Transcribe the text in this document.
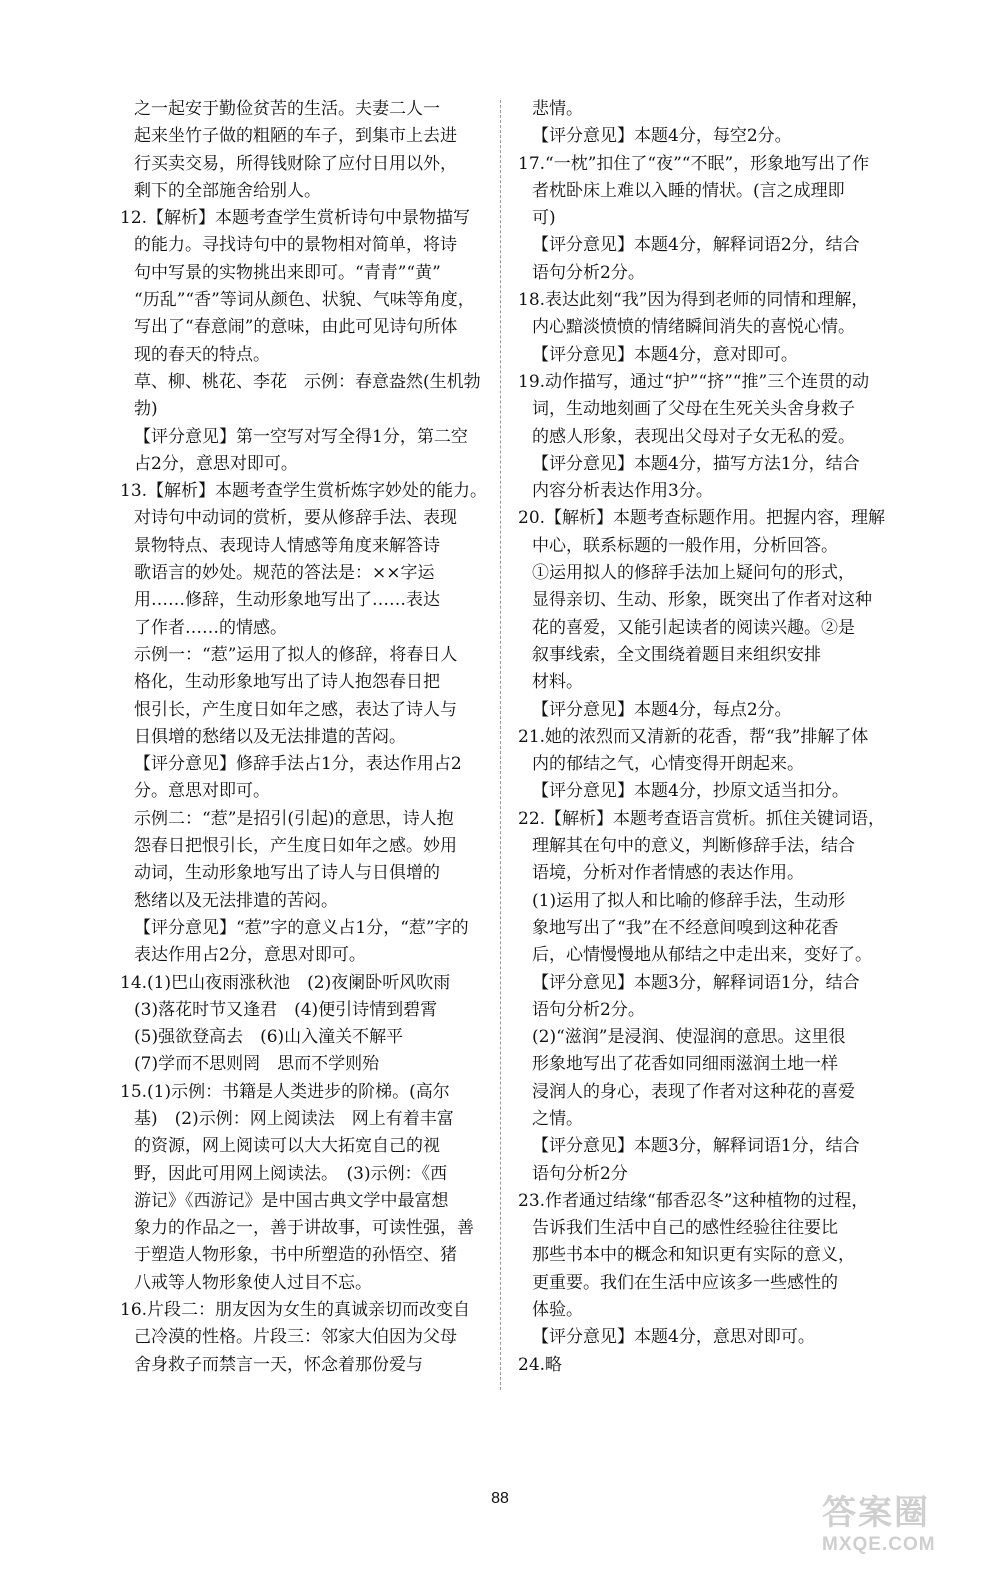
之一起安于勤俭贫苦的生活。夫妻二人一
起来坐竹子做的粗陋的车子，到集市上去进
行买卖交易，所得钱财除了应付日用以外，
剩下的全部施舍给别人。
12.【解析】本题考查学生赏析诗句中景物描写
的能力。寻找诗句中的景物相对简单，将诗
句中写景的实物挑出来即可。“青青”“黄”
“历乱”“香”等词从颜色、状貌、气味等角度，
写出了“春意闹”的意味，由此可见诗句所体
现的春天的特点。
草、柳、桃花、李花　示例：春意盎然(生机勃
勃)
【评分意见】第一空写对写全得1分，第二空
占2分，意思对即可。
13.【解析】本题考查学生赏析炼字妙处的能力。
对诗句中动词的赏析，要从修辞手法、表现
景物特点、表现诗人情感等角度来解答诗
歌语言的妙处。规范的答法是：××字运
用……修辞，生动形象地写出了……表达
了作者……的情感。
示例一：“惹”运用了拟人的修辞，将春日人
格化，生动形象地写出了诗人抱怨春日把
恨引长，产生度日如年之感，表达了诗人与
日俱增的愁绪以及无法排遣的苦闷。
【评分意见】修辞手法占1分，表达作用占2
分。意思对即可。
示例二：“惹”是招引(引起)的意思，诗人抱
怨春日把恨引长，产生度日如年之感。妙用
动词，生动形象地写出了诗人与日俱增的
愁绪以及无法排遣的苦闷。
【评分意见】“惹”字的意义占1分，“惹”字的
表达作用占2分，意思对即可。
14.(1)巴山夜雨涨秋池　(2)夜阑卧听风吹雨
(3)落花时节又逢君　(4)便引诗情到碧霄
(5)强欲登高去　(6)山入潼关不解平
(7)学而不思则罔　思而不学则殆
15.(1)示例：书籍是人类进步的阶梯。(高尔
基)　(2)示例：网上阅读法　网上有着丰富
的资源，网上阅读可以大大拓宽自己的视
野，因此可用网上阅读法。　(3)示例：《西
游记》《西游记》是中国古典文学中最富想
象力的作品之一，善于讲故事，可读性强，善
于塑造人物形象，书中所塑造的孙悟空、猪
八戒等人物形象使人过目不忘。
16.片段二：朋友因为女生的真诚亲切而改变自
己冷漠的性格。片段三：邻家大伯因为父母
舍身救子而禁言一天，怀念着那份爱与
悲情。
【评分意见】本题4分，每空2分。
17.“一枕”扣住了“夜”“不眠”，形象地写出了作
者枕卧床上难以入睡的情状。(言之成理即
可)
【评分意见】本题4分，解释词语2分，结合
语句分析2分。
18.表达此刻“我”因为得到老师的同情和理解，
内心黯淡愤愤的情绪瞬间消失的喜悦心情。
【评分意见】本题4分，意对即可。
19.动作描写，通过“护”“挤”“推”三个连贯的动
词，生动地刻画了父母在生死关头舍身救子
的感人形象，表现出父母对子女无私的爱。
【评分意见】本题4分，描写方法1分，结合
内容分析表达作用3分。
20.【解析】本题考查标题作用。把握内容，理解
中心，联系标题的一般作用，分析回答。
①运用拟人的修辞手法加上疑问句的形式，
显得亲切、生动、形象，既突出了作者对这种
花的喜爱，又能引起读者的阅读兴趣。②是
叙事线索，全文围绕着题目来组织安排
材料。
【评分意见】本题4分，每点2分。
21.她的浓烈而又清新的花香，帮“我”排解了体
内的郁结之气，心情变得开朗起来。
【评分意见】本题4分，抄原文适当扣分。
22.【解析】本题考查语言赏析。抓住关键词语，
理解其在句中的意义，判断修辞手法，结合
语境，分析对作者情感的表达作用。
(1)运用了拟人和比喻的修辞手法，生动形
象地写出了“我”在不经意间嗅到这种花香
后，心情慢慢地从郁结之中走出来，变好了。
【评分意见】本题3分，解释词语1分，结合
语句分析2分。
(2)“滋润”是浸润、使湿润的意思。这里很
形象地写出了花香如同细雨滋润土地一样
浸润人的身心，表现了作者对这种花的喜爱
之情。
【评分意见】本题3分，解释词语1分，结合
语句分析2分
23.作者通过结缘“郁香忍冬”这种植物的过程，
告诉我们生活中自己的感性经验往往要比
那些书本中的概念和知识更有实际的意义，
更重要。我们在生活中应该多一些感性的
体验。
【评分意见】本题4分，意思对即可。
24.略
88	答案圈
MXQE.COM
